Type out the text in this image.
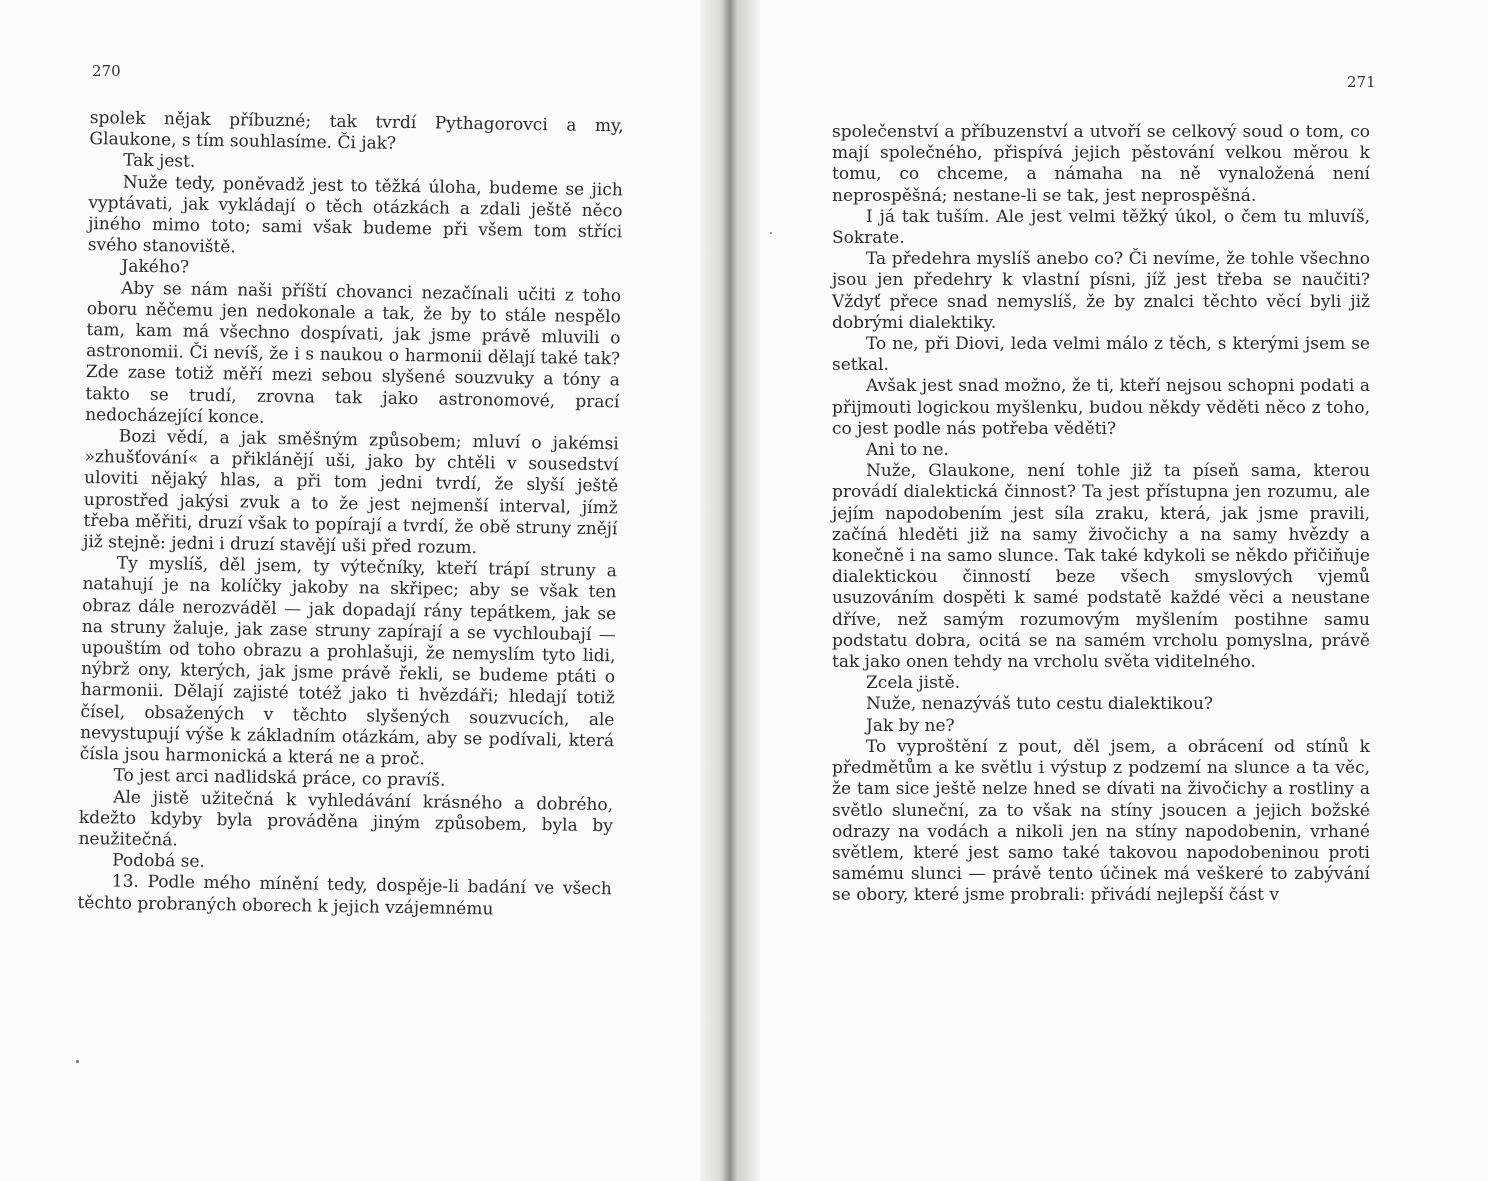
270

spolek nějak příbuzné; tak tvrdí Pythagorovci a my, Glaukone, s tím souhlasíme. Či jak?

Tak jest.

Nuže tedy, poněvadž jest to těžká úloha, budeme se jich vyptávati, jak vykládají o těch otázkách a zdali ještě něco jiného mimo toto; sami však budeme při všem tom stříci svého stanoviště.

Jakého?

Aby se nám naši příští chovanci nezačínali učiti z toho oboru něčemu jen nedokonale a tak, že by to stále nespělo tam, kam má všechno dospívati, jak jsme právě mluvili o astronomii. Či nevíš, že i s naukou o harmonii dělají také tak? Zde zase totiž měří mezi sebou slyšené souzvuky a tóny a takto se trudí, zrovna tak jako astronomové, prací nedocházející konce.

Bozi vědí, a jak směšným způsobem; mluví o jakémsi »zhušťování« a přiklánějí uši, jako by chtěli v sousedství uloviti nějaký hlas, a při tom jedni tvrdí, že slyší ještě uprostřed jakýsi zvuk a to že jest nejmenší interval, jímž třeba měřiti, druzí však to popírají a tvrdí, že obě struny znějí již stejně: jedni i druzí stavějí uši před rozum.

Ty myslíš, děl jsem, ty výtečníky, kteří trápí struny a natahují je na kolíčky jakoby na skřipec; aby se však ten obraz dále nerozváděl — jak dopadají rány tepátkem, jak se na struny žaluje, jak zase struny zapírají a se vychloubají — upouštím od toho obrazu a prohlašuji, že nemyslím tyto lidi, nýbrž ony, kterých, jak jsme právě řekli, se budeme ptáti o harmonii. Dělají zajisté totéž jako ti hvězdáři; hledají totiž čísel, obsažených v těchto slyšených souzvucích, ale nevystupují výše k základním otázkám, aby se podívali, která čísla jsou harmonická a která ne a proč.

To jest arci nadlidská práce, co pravíš.

Ale jistě užitečná k vyhledávání krásného a dobrého, kdežto kdyby byla prováděna jiným způsobem, byla by neužitečná.

Podobá se.

13. Podle mého mínění tedy, dospěje-li badání ve všech těchto probraných oborech k jejich vzájemnému

271

společenství a příbuzenství a utvoří se celkový soud o tom, co mají společného, přispívá jejich pěstování velkou měrou k tomu, co chceme, a námaha na ně vynaložená není neprospěšná; nestane-li se tak, jest neprospěšná.

I já tak tuším. Ale jest velmi těžký úkol, o čem tu mluvíš, Sokrate.

Ta předehra myslíš anebo co? Či nevíme, že tohle všechno jsou jen předehry k vlastní písni, jíž jest třeba se naučiti? Vždyť přece snad nemyslíš, že by znalci těchto věcí byli již dobrými dialektiky.

To ne, při Diovi, leda velmi málo z těch, s kterými jsem se setkal.

Avšak jest snad možno, že ti, kteří nejsou schopni podati a přijmouti logickou myšlenku, budou někdy věděti něco z toho, co jest podle nás potřeba věděti?

Ani to ne.

Nuže, Glaukone, není tohle již ta píseň sama, kterou provádí dialektická činnost? Ta jest přístupna jen rozumu, ale jejím napodobením jest síla zraku, která, jak jsme pravili, začíná hleděti již na samy živočichy a na samy hvězdy a konečně i na samo slunce. Tak také kdykoli se někdo přičiňuje dialektickou činností beze všech smyslových vjemů usuzováním dospěti k samé podstatě každé věci a neustane dříve, než samým rozumovým myšlením postihne samu podstatu dobra, ocitá se na samém vrcholu pomyslna, právě tak jako onen tehdy na vrcholu světa viditelného.

Zcela jistě.

Nuže, nenazýváš tuto cestu dialektikou?

Jak by ne?

To vyproštění z pout, děl jsem, a obrácení od stínů k předmětům a ke světlu i výstup z podzemí na slunce a ta věc, že tam sice ještě nelze hned se dívati na živočichy a rostliny a světlo sluneční, za to však na stíny jsoucen a jejich božské odrazy na vodách a nikoli jen na stíny napodobenin, vrhané světlem, které jest samo také takovou napodobeninou proti samému slunci — právě tento účinek má veškeré to zabývání se obory, které jsme probrali: přivádí nejlepší část v
